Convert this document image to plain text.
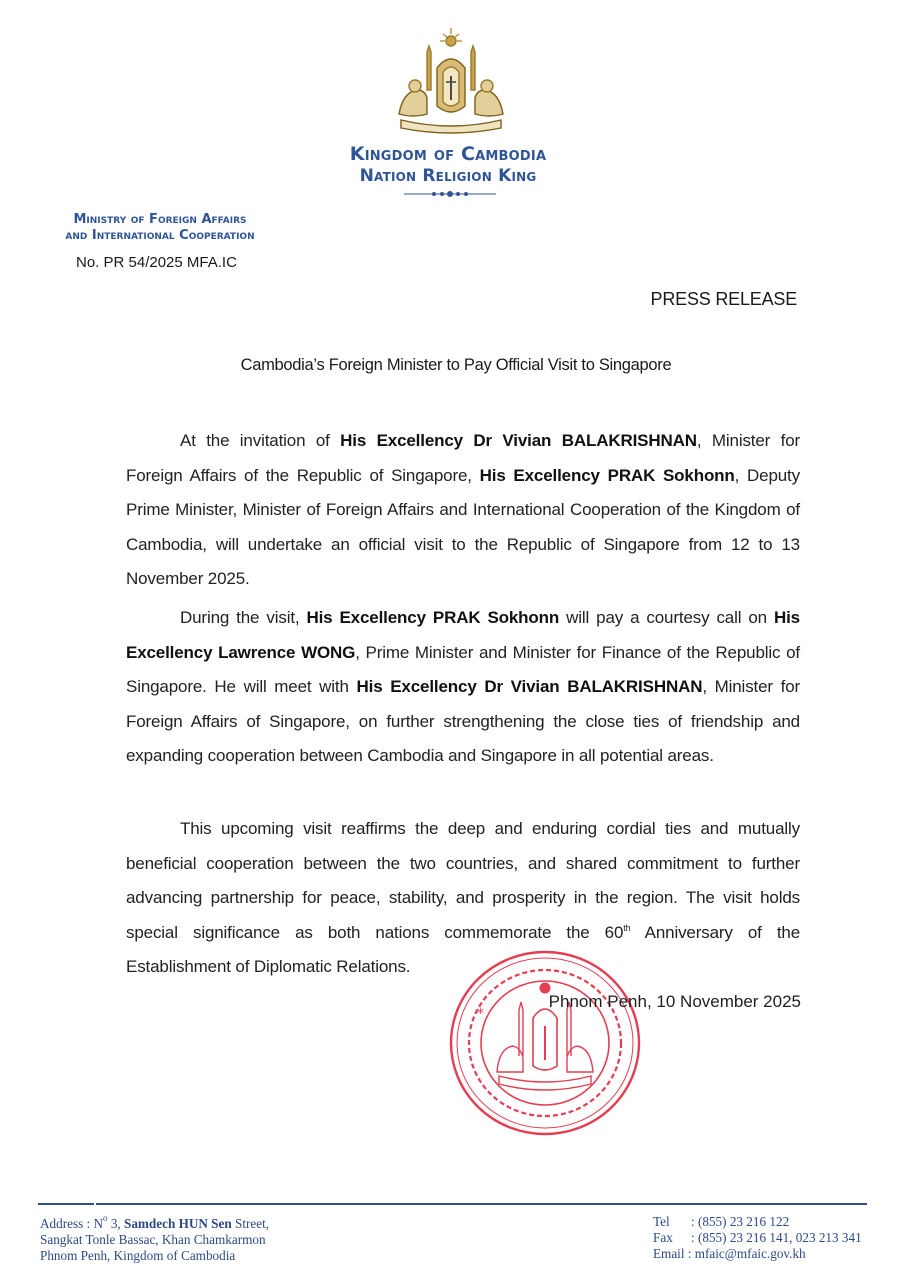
Kingdom of Cambodia
Nation Religion King
Ministry of Foreign Affairs
and International Cooperation
No. PR 54/2025 MFA.IC
PRESS RELEASE
Cambodia’s Foreign Minister to Pay Official Visit to Singapore

At the invitation of His Excellency Dr Vivian BALAKRISHNAN, Minister for Foreign Affairs of the Republic of Singapore, His Excellency PRAK Sokhonn, Deputy Prime Minister, Minister of Foreign Affairs and International Cooperation of the Kingdom of Cambodia, will undertake an official visit to the Republic of Singapore from 12 to 13 November 2025.

During the visit, His Excellency PRAK Sokhonn will pay a courtesy call on His Excellency Lawrence WONG, Prime Minister and Minister for Finance of the Republic of Singapore. He will meet with His Excellency Dr Vivian BALAKRISHNAN, Minister for Foreign Affairs of Singapore, on further strengthening the close ties of friendship and expanding cooperation between Cambodia and Singapore in all potential areas.

This upcoming visit reaffirms the deep and enduring cordial ties and mutually beneficial cooperation between the two countries, and shared commitment to further advancing partnership for peace, stability, and prosperity in the region. The visit holds special significance as both nations commemorate the 60th Anniversary of the Establishment of Diplomatic Relations.

*
Phnom Penh, 10 November 2025
Address : $N^o$ 3, Samdech HUN Sen Street,
Sangkat Tonle Bassac, Khan Chamkarmon
Phnom Penh, Kingdom of Cambodia
Tel	: (855) 23 216 122
Fax	: (855) 23 216 141, 023 213 341
Email : mfaic@mfaic.gov.kh
